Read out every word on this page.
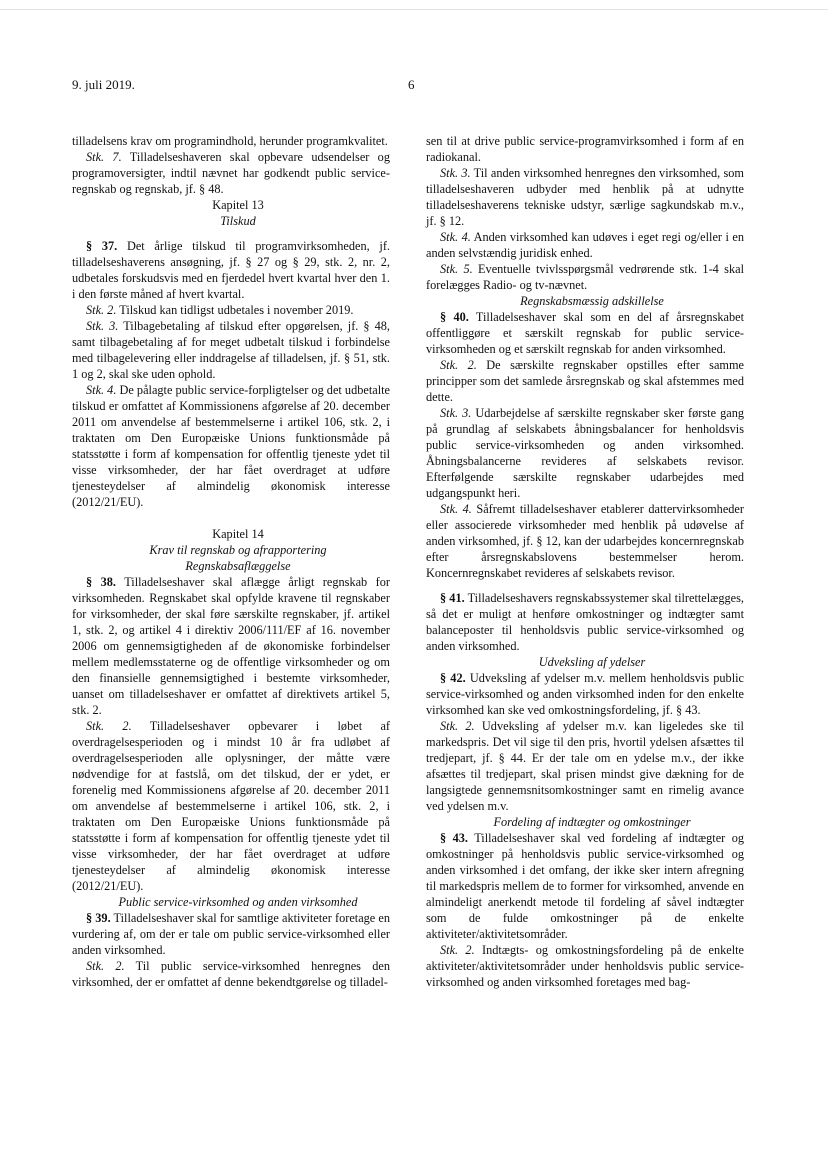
9. juli 2019.	6

tilladelsens krav om programindhold, herunder programkvalitet.

Stk. 7. Tilladelseshaveren skal opbevare udsendelser og programoversigter, indtil nævnet har godkendt public service-regnskab og regnskab, jf. § 48.

Kapitel 13

Tilskud

§ 37. Det årlige tilskud til programvirksomheden, jf. tilladelseshaverens ansøgning, jf. § 27 og § 29, stk. 2, nr. 2, udbetales forskudsvis med en fjerdedel hvert kvartal hver den 1. i den første måned af hvert kvartal.

Stk. 2. Tilskud kan tidligst udbetales i november 2019.

Stk. 3. Tilbagebetaling af tilskud efter opgørelsen, jf. § 48, samt tilbagebetaling af for meget udbetalt tilskud i forbindelse med tilbagelevering eller inddragelse af tilladelsen, jf. § 51, stk. 1 og 2, skal ske uden ophold.

Stk. 4. De pålagte public service-forpligtelser og det udbetalte tilskud er omfattet af Kommissionens afgørelse af 20. december 2011 om anvendelse af bestemmelserne i artikel 106, stk. 2, i traktaten om Den Europæiske Unions funktionsmåde på statsstøtte i form af kompensation for offentlig tjeneste ydet til visse virksomheder, der har fået overdraget at udføre tjenesteydelser af almindelig økonomisk interesse (2012/21/EU).

Kapitel 14

Krav til regnskab og afrapportering

Regnskabsaflæggelse

§ 38. Tilladelseshaver skal aflægge årligt regnskab for virksomheden. Regnskabet skal opfylde kravene til regnskaber for virksomheder, der skal føre særskilte regnskaber, jf. artikel 1, stk. 2, og artikel 4 i direktiv 2006/111/EF af 16. november 2006 om gennemsigtigheden af de økonomiske forbindelser mellem medlemsstaterne og de offentlige virksomheder og om den finansielle gennemsigtighed i bestemte virksomheder, uanset om tilladelseshaver er omfattet af direktivets artikel 5, stk. 2.

Stk. 2. Tilladelseshaver opbevarer i løbet af overdragelsesperioden og i mindst 10 år fra udløbet af overdragelsesperioden alle oplysninger, der måtte være nødvendige for at fastslå, om det tilskud, der er ydet, er forenelig med Kommissionens afgørelse af 20. december 2011 om anvendelse af bestemmelserne i artikel 106, stk. 2, i traktaten om Den Europæiske Unions funktionsmåde på statsstøtte i form af kompensation for offentlig tjeneste ydet til visse virksomheder, der har fået overdraget at udføre tjenesteydelser af almindelig økonomisk interesse (2012/21/EU).

Public service-virksomhed og anden virksomhed

§ 39. Tilladelseshaver skal for samtlige aktiviteter foretage en vurdering af, om der er tale om public service-virksomhed eller anden virksomhed.

Stk. 2. Til public service-virksomhed henregnes den virksomhed, der er omfattet af denne bekendtgørelse og tilladel-

sen til at drive public service-programvirksomhed i form af en radiokanal.

Stk. 3. Til anden virksomhed henregnes den virksomhed, som tilladelseshaveren udbyder med henblik på at udnytte tilladelseshaverens tekniske udstyr, særlige sagkundskab m.v., jf. § 12.

Stk. 4. Anden virksomhed kan udøves i eget regi og/eller i en anden selvstændig juridisk enhed.

Stk. 5. Eventuelle tvivlsspørgsmål vedrørende stk. 1-4 skal forelægges Radio- og tv-nævnet.

Regnskabsmæssig adskillelse

§ 40. Tilladelseshaver skal som en del af årsregnskabet offentliggøre et særskilt regnskab for public service-virksomheden og et særskilt regnskab for anden virksomhed.

Stk. 2. De særskilte regnskaber opstilles efter samme principper som det samlede årsregnskab og skal afstemmes med dette.

Stk. 3. Udarbejdelse af særskilte regnskaber sker første gang på grundlag af selskabets åbningsbalancer for henholdsvis public service-virksomheden og anden virksomhed. Åbningsbalancerne revideres af selskabets revisor. Efterfølgende særskilte regnskaber udarbejdes med udgangspunkt heri.

Stk. 4. Såfremt tilladelseshaver etablerer dattervirksomheder eller associerede virksomheder med henblik på udøvelse af anden virksomhed, jf. § 12, kan der udarbejdes koncernregnskab efter årsregnskabslovens bestemmelser herom. Koncernregnskabet revideres af selskabets revisor.

§ 41. Tilladelseshavers regnskabssystemer skal tilrettelægges, så det er muligt at henføre omkostninger og indtægter samt balanceposter til henholdsvis public service-virksomhed og anden virksomhed.

Udveksling af ydelser

§ 42. Udveksling af ydelser m.v. mellem henholdsvis public service-virksomhed og anden virksomhed inden for den enkelte virksomhed kan ske ved omkostningsfordeling, jf. § 43.

Stk. 2. Udveksling af ydelser m.v. kan ligeledes ske til markedspris. Det vil sige til den pris, hvortil ydelsen afsættes til tredjepart, jf. § 44. Er der tale om en ydelse m.v., der ikke afsættes til tredjepart, skal prisen mindst give dækning for de langsigtede gennemsnitsomkostninger samt en rimelig avance ved ydelsen m.v.

Fordeling af indtægter og omkostninger

§ 43. Tilladelseshaver skal ved fordeling af indtægter og omkostninger på henholdsvis public service-virksomhed og anden virksomhed i det omfang, der ikke sker intern afregning til markedspris mellem de to former for virksomhed, anvende en almindeligt anerkendt metode til fordeling af såvel indtægter som de fulde omkostninger på de enkelte aktiviteter/aktivitetsområder.

Stk. 2. Indtægts- og omkostningsfordeling på de enkelte aktiviteter/aktivitetsområder under henholdsvis public service-virksomhed og anden virksomhed foretages med bag-
